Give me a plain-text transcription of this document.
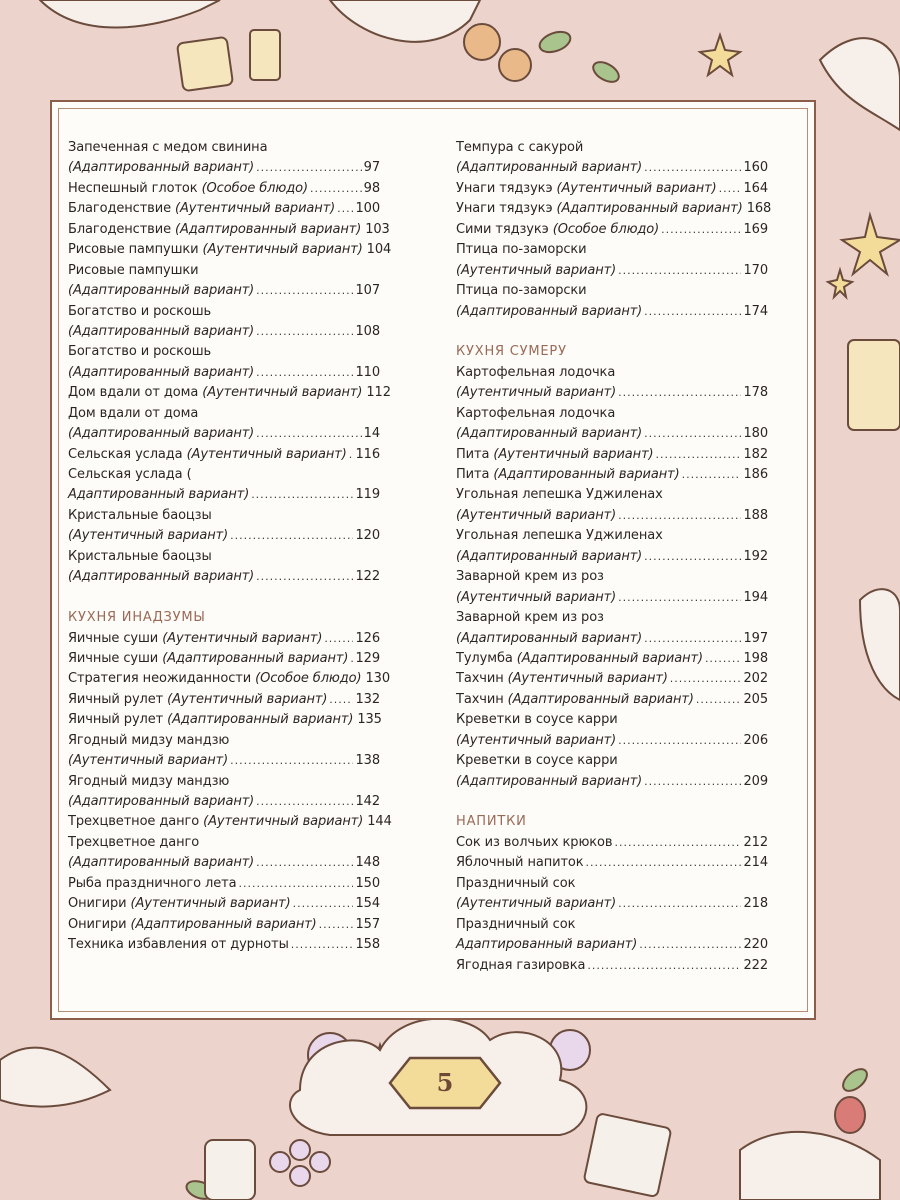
Запеченная с медом свинина
(Адаптированный вариант) .....	97
Неспешный глоток (Особое блюдо) .....	98
Благоденствие (Аутентичный вариант) ..... 100
Благоденствие (Адаптированный вариант) 103
Рисовые пампушки (Аутентичный вариант) 104
Рисовые пампушки
(Адаптированный вариант) .....	107
Богатство и роскошь
(Адаптированный вариант) .....	108
Богатство и роскошь
(Адаптированный вариант) .....	110
Дом вдали от дома (Аутентичный вариант) 112
Дом вдали от дома
(Адаптированный вариант) .....	14
Сельская услада (Аутентичный вариант) ..... 116
Сельская услада (
Адаптированный вариант) .....	119
Кристальные баоцзы
(Аутентичный вариант) .....	120
Кристальные баоцзы
(Адаптированный вариант) .....	122
КУХНЯ ИНАДЗУМЫ
Яичные суши (Аутентичный вариант) .....	126
Яичные суши (Адаптированный вариант) ..... 129
Стратегия неожиданности (Особое блюдо) 130
Яичный рулет (Аутентичный вариант) ..... 132
Яичный рулет (Адаптированный вариант) 135
Ягодный мидзу мандзю
(Аутентичный вариант) .....	138
Ягодный мидзу мандзю
(Адаптированный вариант) .....	142
Трехцветное данго (Аутентичный вариант) 144
Трехцветное данго
(Адаптированный вариант) .....	148
Рыба праздничного лета .....	150
Онигири (Аутентичный вариант) .....	154
Онигири (Адаптированный вариант) .....	157
Техника избавления от дурноты .....	158
Темпура с сакурой
(Адаптированный вариант) .....	160
Унаги тядзукэ (Аутентичный вариант) ..... 164
Унаги тядзукэ (Адаптированный вариант) 168
Сими тядзукэ (Особое блюдо) .....	169
Птица по-заморски
(Аутентичный вариант) .....	170
Птица по-заморски
(Адаптированный вариант) .....	174
КУХНЯ СУМЕРУ
Картофельная лодочка
(Аутентичный вариант) .....	178
Картофельная лодочка
(Адаптированный вариант) .....	180
Пита (Аутентичный вариант) .....	182
Пита (Адаптированный вариант) .....	186
Угольная лепешка Уджиленах
(Аутентичный вариант) .....	188
Угольная лепешка Уджиленах
(Адаптированный вариант) .....	192
Заварной крем из роз
(Аутентичный вариант) .....	194
Заварной крем из роз
(Адаптированный вариант) .....	197
Тулумба (Адаптированный вариант) .....	198
Тахчин (Аутентичный вариант) .....	202
Тахчин (Адаптированный вариант) .....	205
Креветки в соусе карри
(Аутентичный вариант) .....	206
Креветки в соусе карри
(Адаптированный вариант) .....	209
НАПИТКИ
Сок из волчьих крюков .....	212
Яблочный напиток .....	214
Праздничный сок
(Аутентичный вариант) .....	218
Праздничный сок
Адаптированный вариант) .....	220
Ягодная газировка .....	222
5
